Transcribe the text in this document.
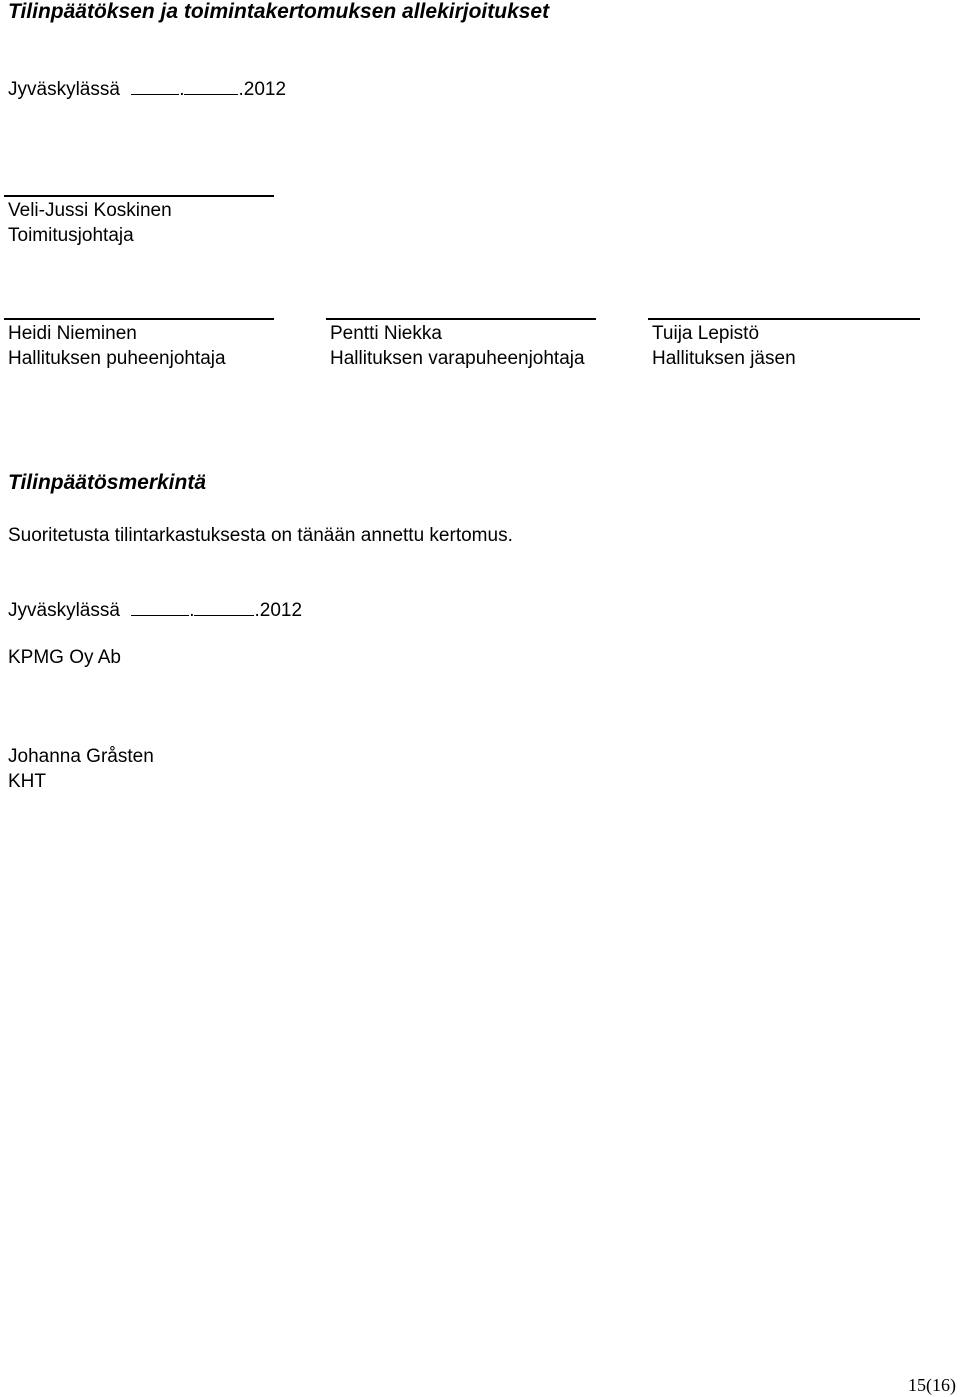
Tilinpäätöksen ja toimintakertomuksen allekirjoitukset
Jyväskylässä	.	.2012
Veli-Jussi Koskinen
Toimitusjohtaja
Heidi Nieminen
Hallituksen puheenjohtaja
Pentti Niekka
Hallituksen varapuheenjohtaja
Tuija Lepistö
Hallituksen jäsen
Tilinpäätösmerkintä
Suoritetusta tilintarkastuksesta on tänään annettu kertomus.
Jyväskylässä	.	.2012
KPMG Oy Ab
Johanna Gråsten
KHT
15(16)
